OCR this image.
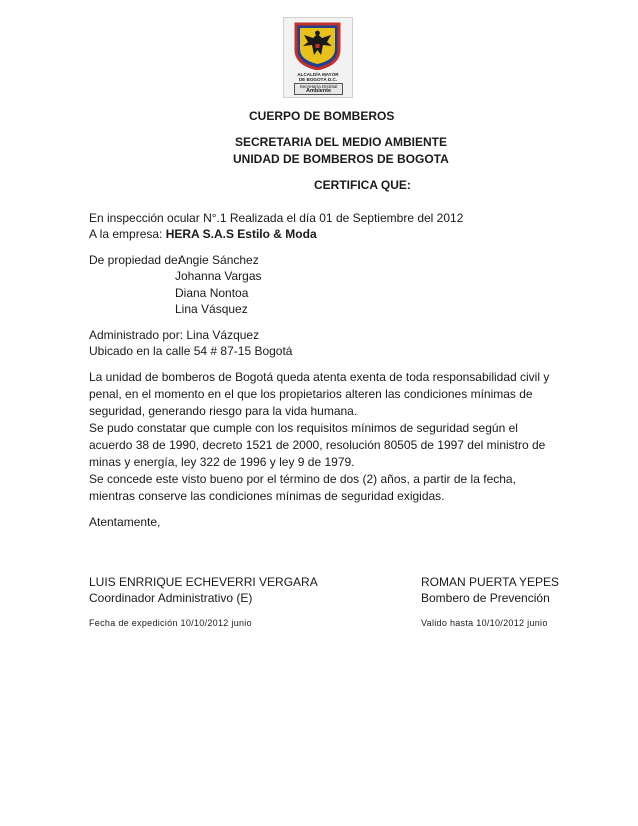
ALCALDÍA MAYOR
DE BOGOTÁ D.C.
Secretaría Distrital
Ambiente
CUERPO DE BOMBEROS
SECRETARIA DEL MEDIO AMBIENTE
UNIDAD DE BOMBEROS DE BOGOTA
CERTIFICA QUE:
En inspección ocular N°.1 Realizada el día 01 de Septiembre del 2012
A la empresa: HERA S.A.S Estilo & Moda
De propiedad de:
Angie Sánchez
Johanna Vargas
Diana Nontoa
Lina Vásquez
Administrado por: Lina Vázquez
Ubicado en la calle 54 # 87-15 Bogotá
La unidad de bomberos de Bogotá queda atenta exenta de toda responsabilidad civil y penal, en el momento en el que los propietarios alteren las condiciones mínimas de seguridad, generando riesgo para la vida humana.
Se pudo constatar que cumple con los requisitos mínimos de seguridad según el acuerdo 38 de 1990, decreto 1521 de 2000, resolución 80505 de 1997 del ministro de minas y energía, ley 322 de 1996 y ley 9 de 1979.
Se concede este visto bueno por el término de dos (2) años, a partir de la fecha, mientras conserve las condiciones mínimas de seguridad exigidas.
Atentamente,
LUIS ENRRIQUE ECHEVERRI VERGARA
Coordinador Administrativo (E)
Fecha de expedición 10/10/2012 junio
ROMAN PUERTA YEPES
Bombero de Prevención
Valido hasta 10/10/2012 junio
